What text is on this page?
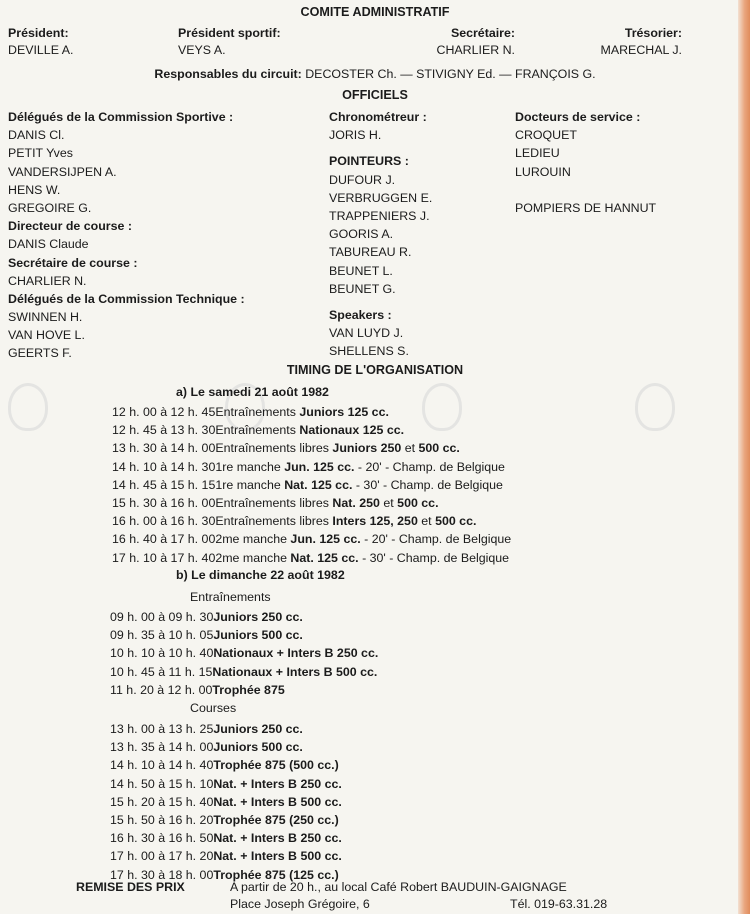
COMITE ADMINISTRATIF
Président:
DEVILLE A.
Président sportif:
VEYS A.
Secrétaire:
CHARLIER N.
Trésorier:
MARECHAL J.
Responsables du circuit: DECOSTER Ch. — STIVIGNY Ed. — FRANÇOIS G.
OFFICIELS
Délégués de la Commission Sportive :
DANIS Cl.
PETIT Yves
VANDERSIJPEN A.
HENS W.
GREGOIRE G.
Directeur de course :
DANIS Claude
Secrétaire de course :
CHARLIER N.
Délégués de la Commission Technique :
SWINNEN H.
VAN HOVE L.
GEERTS F.
Chronométreur :
JORIS H.
POINTEURS :
DUFOUR J.
VERBRUGGEN E.
TRAPPENIERS J.
GOORIS A.
TABUREAU R.
BEUNET L.
BEUNET G.
Speakers :
VAN LUYD J.
SHELLENS S.
Docteurs de service :
CROQUET
LEDIEU
LUROUIN
POMPIERS DE HANNUT
TIMING DE L'ORGANISATION
a) Le samedi 21 août 1982
12 h. 00 à 12 h. 45Entraînements Juniors 125 cc.
12 h. 45 à 13 h. 30Entraînements Nationaux 125 cc.
13 h. 30 à 14 h. 00Entraînements libres Juniors 250 et 500 cc.
14 h. 10 à 14 h. 301re manche Jun. 125 cc. - 20' - Champ. de Belgique
14 h. 45 à 15 h. 151re manche Nat. 125 cc. - 30' - Champ. de Belgique
15 h. 30 à 16 h. 00Entraînements libres Nat. 250 et 500 cc.
16 h. 00 à 16 h. 30Entraînements libres Inters 125, 250 et 500 cc.
16 h. 40 à 17 h. 002me manche Jun. 125 cc. - 20' - Champ. de Belgique
17 h. 10 à 17 h. 402me manche Nat. 125 cc. - 30' - Champ. de Belgique
b) Le dimanche 22 août 1982
Entraînements
09 h. 00 à 09 h. 30Juniors 250 cc.
09 h. 35 à 10 h. 05Juniors 500 cc.
10 h. 10 à 10 h. 40Nationaux + Inters B 250 cc.
10 h. 45 à 11 h. 15Nationaux + Inters B 500 cc.
11 h. 20 à 12 h. 00Trophée 875
Courses
13 h. 00 à 13 h. 25Juniors 250 cc.
13 h. 35 à 14 h. 00Juniors 500 cc.
14 h. 10 à 14 h. 40Trophée 875 (500 cc.)
14 h. 50 à 15 h. 10Nat. + Inters B 250 cc.
15 h. 20 à 15 h. 40Nat. + Inters B 500 cc.
15 h. 50 à 16 h. 20Trophée 875 (250 cc.)
16 h. 30 à 16 h. 50Nat. + Inters B 250 cc.
17 h. 00 à 17 h. 20Nat. + Inters B 500 cc.
17 h. 30 à 18 h. 00Trophée 875 (125 cc.)
REMISE DES PRIX	A partir de 20 h., au local Café Robert BAUDUIN-GAIGNAGE
Place Joseph Grégoire, 6	Tél. 019-63.31.28
